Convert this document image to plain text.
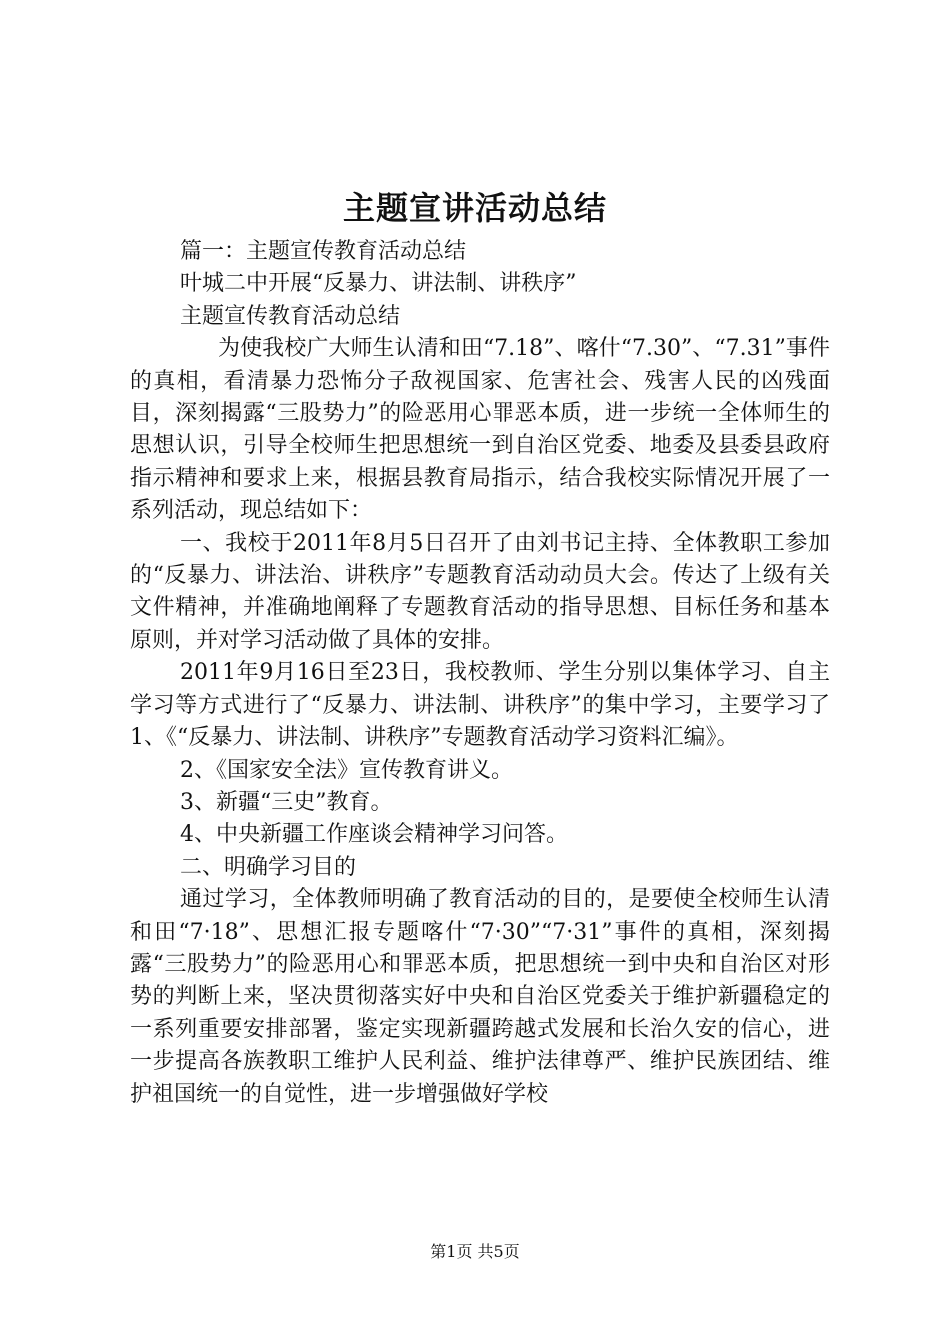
主题宣讲活动总结

篇一：主题宣传教育活动总结

叶城二中开展“反暴力、讲法制、讲秩序”

主题宣传教育活动总结

为使我校广大师生认清和田“7.18”、喀什“7.30”、“7.31”事件的真相，看清暴力恐怖分子敌视国家、危害社会、残害人民的凶残面目，深刻揭露“三股势力”的险恶用心罪恶本质，进一步统一全体师生的思想认识，引导全校师生把思想统一到自治区党委、地委及县委县政府指示精神和要求上来，根据县教育局指示，结合我校实际情况开展了一系列活动，现总结如下：

一、我校于2011年8月5日召开了由刘书记主持、全体教职工参加的“反暴力、讲法治、讲秩序”专题教育活动动员大会。传达了上级有关文件精神，并准确地阐释了专题教育活动的指导思想、目标任务和基本原则，并对学习活动做了具体的安排。

2011年9月16日至23日，我校教师、学生分别以集体学习、自主学习等方式进行了“反暴力、讲法制、讲秩序”的集中学习，主要学习了1、《“反暴力、讲法制、讲秩序”专题教育活动学习资料汇编》。

2、《国家安全法》宣传教育讲义。

3、新疆“三史”教育。

4、中央新疆工作座谈会精神学习问答。

二、明确学习目的

通过学习，全体教师明确了教育活动的目的，是要使全校师生认清和田“7·18”、思想汇报专题喀什“7·30”“7·31”事件的真相，深刻揭露“三股势力”的险恶用心和罪恶本质，把思想统一到中央和自治区对形势的判断上来，坚决贯彻落实好中央和自治区党委关于维护新疆稳定的一系列重要安排部署，鉴定实现新疆跨越式发展和长治久安的信心，进一步提高各族教职工维护人民利益、维护法律尊严、维护民族团结、维护祖国统一的自觉性，进一步增强做好学校

第1页 共5页
